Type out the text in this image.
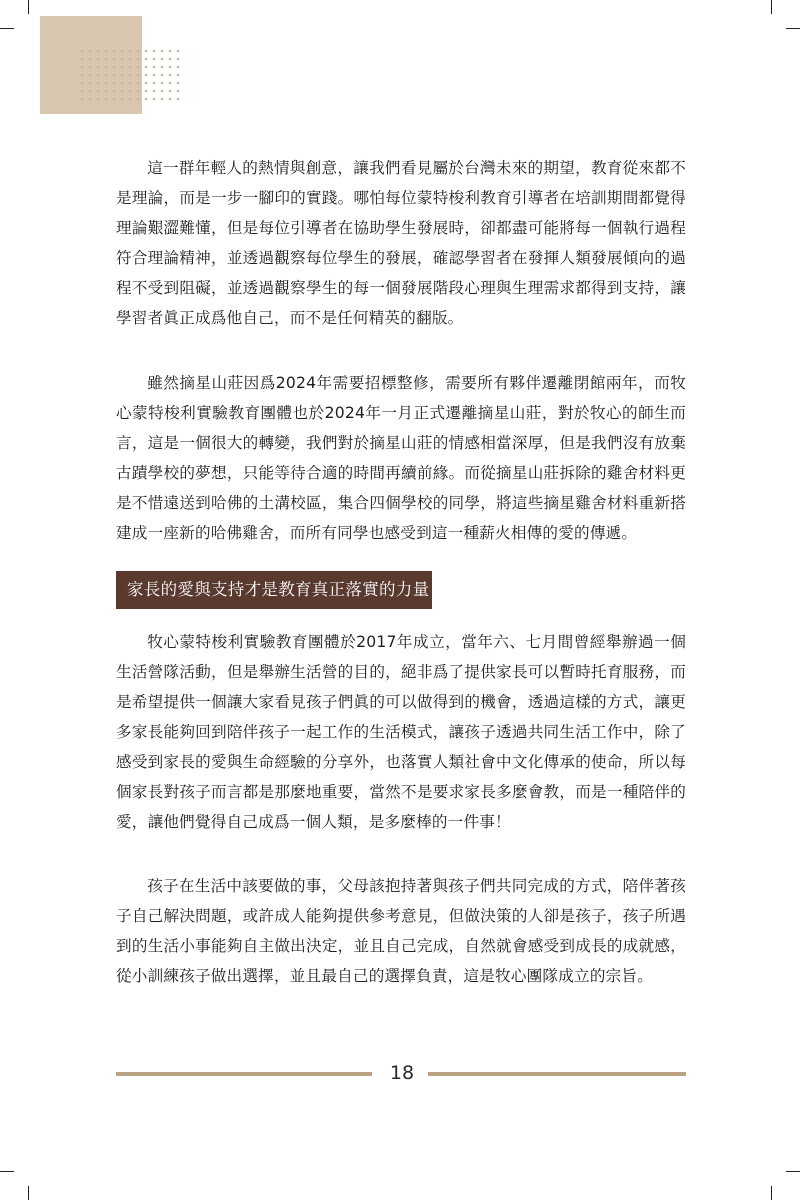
這一群年輕人的熱情與創意，讓我們看見屬於台灣未來的期望，教育從來都不是理論，而是一步一腳印的實踐。哪怕每位蒙特梭利教育引導者在培訓期間都覺得理論艱澀難懂，但是每位引導者在協助學生發展時，卻都盡可能將每一個執行過程符合理論精神，並透過觀察每位學生的發展，確認學習者在發揮人類發展傾向的過程不受到阻礙，並透過觀察學生的每一個發展階段心理與生理需求都得到支持，讓學習者眞正成爲他自己，而不是任何精英的翻版。

雖然摘星山莊因爲2024年需要招標整修，需要所有夥伴遷離閉館兩年，而牧心蒙特梭利實驗教育團體也於2024年一月正式遷離摘星山莊，對於牧心的師生而言，這是一個很大的轉變，我們對於摘星山莊的情感相當深厚，但是我們沒有放棄古蹟學校的夢想，只能等待合適的時間再續前緣。而從摘星山莊拆除的雞舍材料更是不惜遠送到哈佛的土溝校區，集合四個學校的同學，將這些摘星雞舍材料重新搭建成一座新的哈佛雞舍，而所有同學也感受到這一種薪火相傳的愛的傳遞。

家長的愛與支持才是教育真正落實的力量

牧心蒙特梭利實驗教育團體於2017年成立，當年六、七月間曾經舉辦過一個生活營隊活動，但是舉辦生活營的目的，絕非爲了提供家長可以暫時托育服務，而是希望提供一個讓大家看見孩子們眞的可以做得到的機會，透過這樣的方式，讓更多家長能夠回到陪伴孩子一起工作的生活模式，讓孩子透過共同生活工作中，除了感受到家長的愛與生命經驗的分享外，也落實人類社會中文化傳承的使命，所以每個家長對孩子而言都是那麼地重要，當然不是要求家長多麼會教，而是一種陪伴的愛，讓他們覺得自己成爲一個人類，是多麼棒的一件事！

孩子在生活中該要做的事，父母該抱持著與孩子們共同完成的方式，陪伴著孩子自己解決問題，或許成人能夠提供參考意見，但做決策的人卻是孩子，孩子所遇到的生活小事能夠自主做出決定，並且自己完成，自然就會感受到成長的成就感，從小訓練孩子做出選擇，並且最自己的選擇負責，這是牧心團隊成立的宗旨。

18
